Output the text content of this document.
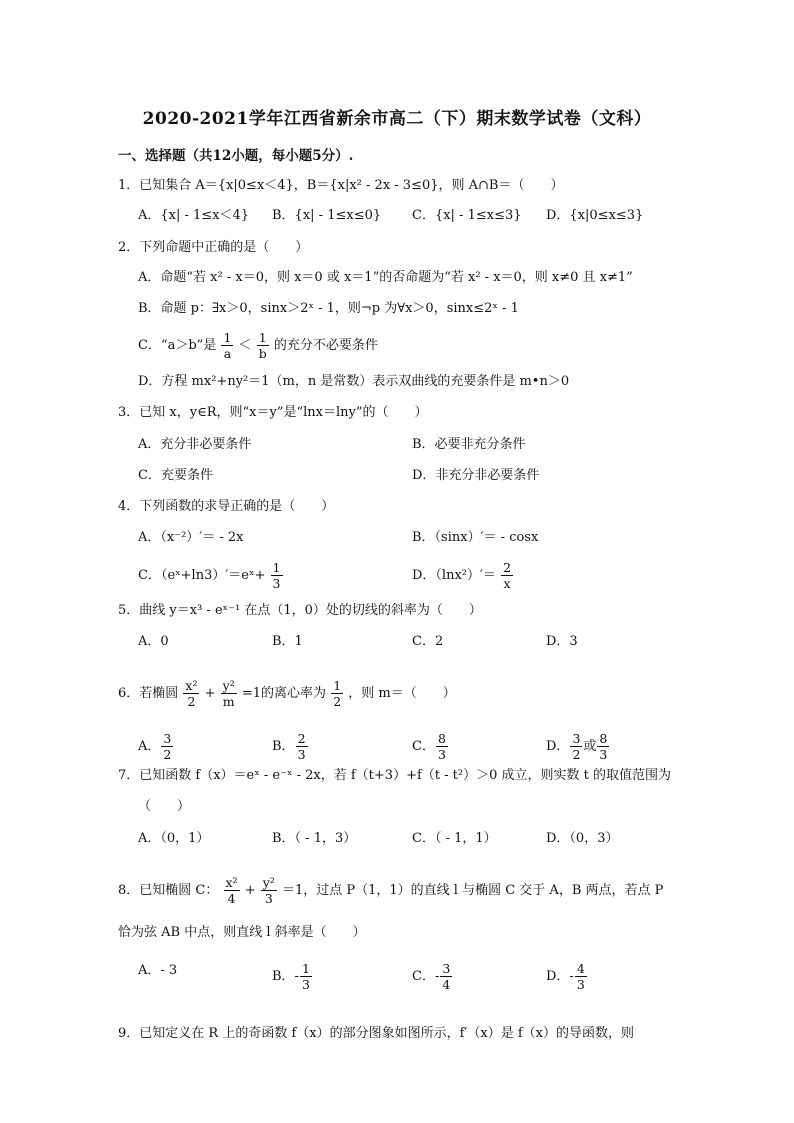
2020-2021学年江西省新余市高二（下）期末数学试卷（文科）
一、选择题（共12小题，每小题5分）.
1．已知集合 A＝{x|0≤x＜4}，B＝{x|x² - 2x - 3≤0}，则 A∩B＝（　　）
A．{x| - 1≤x＜4} B．{x| - 1≤x≤0} C．{x| - 1≤x≤3} D．{x|0≤x≤3}
2．下列命题中正确的是（　　）
A．命题“若 x² - x＝0，则 x＝0 或 x＝1”的否命题为“若 x² - x＝0，则 x≠0 且 x≠1”
B．命题 p：∃x＞0，sinx＞2ˣ - 1，则¬p 为∀x＞0，sinx≤2ˣ - 1
C．“a＞b”是 $\frac{1}{a} < \frac{1}{b}$ 的充分不必要条件
D．方程 mx²+ny²＝1（m，n 是常数）表示双曲线的充要条件是 m•n＞0
3．已知 x，y∈R，则“x＝y”是“lnx＝lny”的（　　）
A．充分非必要条件	B．必要非充分条件
C．充要条件	D．非充分非必要条件
4．下列函数的求导正确的是（　　）
A．（x⁻²）′＝ - 2x	B．（sinx）′＝ - cosx
C．（eˣ+ln3）′＝eˣ+ $\frac{1}{3}$	D．$(\ln x^2)'= \frac{2}{x}$
5．曲线 y＝x³ - eˣ⁻¹ 在点（1，0）处的切线的斜率为（　　）
A．0	B．1	C．2	D．3
6．若椭圆 $\frac{\text{x²}}{2} + \frac{\text{y²}}{m} =1$的离心率为 $\frac{1}{2}$ ，则 m＝（　　）
A． $\frac{3}{2}$	B． $\frac{2}{3}$	C． $\frac{8}{3}$	D． $\frac{3}{2}$ 或 $\frac{8}{3}$
7．已知函数 f（x）＝eˣ - e⁻ˣ - 2x，若 f（t+3）+f（t - t²）＞0 成立，则实数 t 的取值范围为
（　　）
A．（0，1）	B．（ - 1，3）	C．（ - 1，1）	D．（0，3）
8．已知椭圆 C： $\frac{\text{x²}}{4} + \frac{\text{y²}}{3} =1$，过点 P（1，1）的直线 l 与椭圆 C 交于 A，B 两点，若点 P
恰为弦 AB 中点，则直线 l 斜率是（　　）
A．- 3	B．- $\frac{1}{3}$	C．- $\frac{3}{4}$	D．- $\frac{4}{3}$
9．已知定义在 R 上的奇函数 f（x）的部分图象如图所示，f′（x）是 f（x）的导函数，则
